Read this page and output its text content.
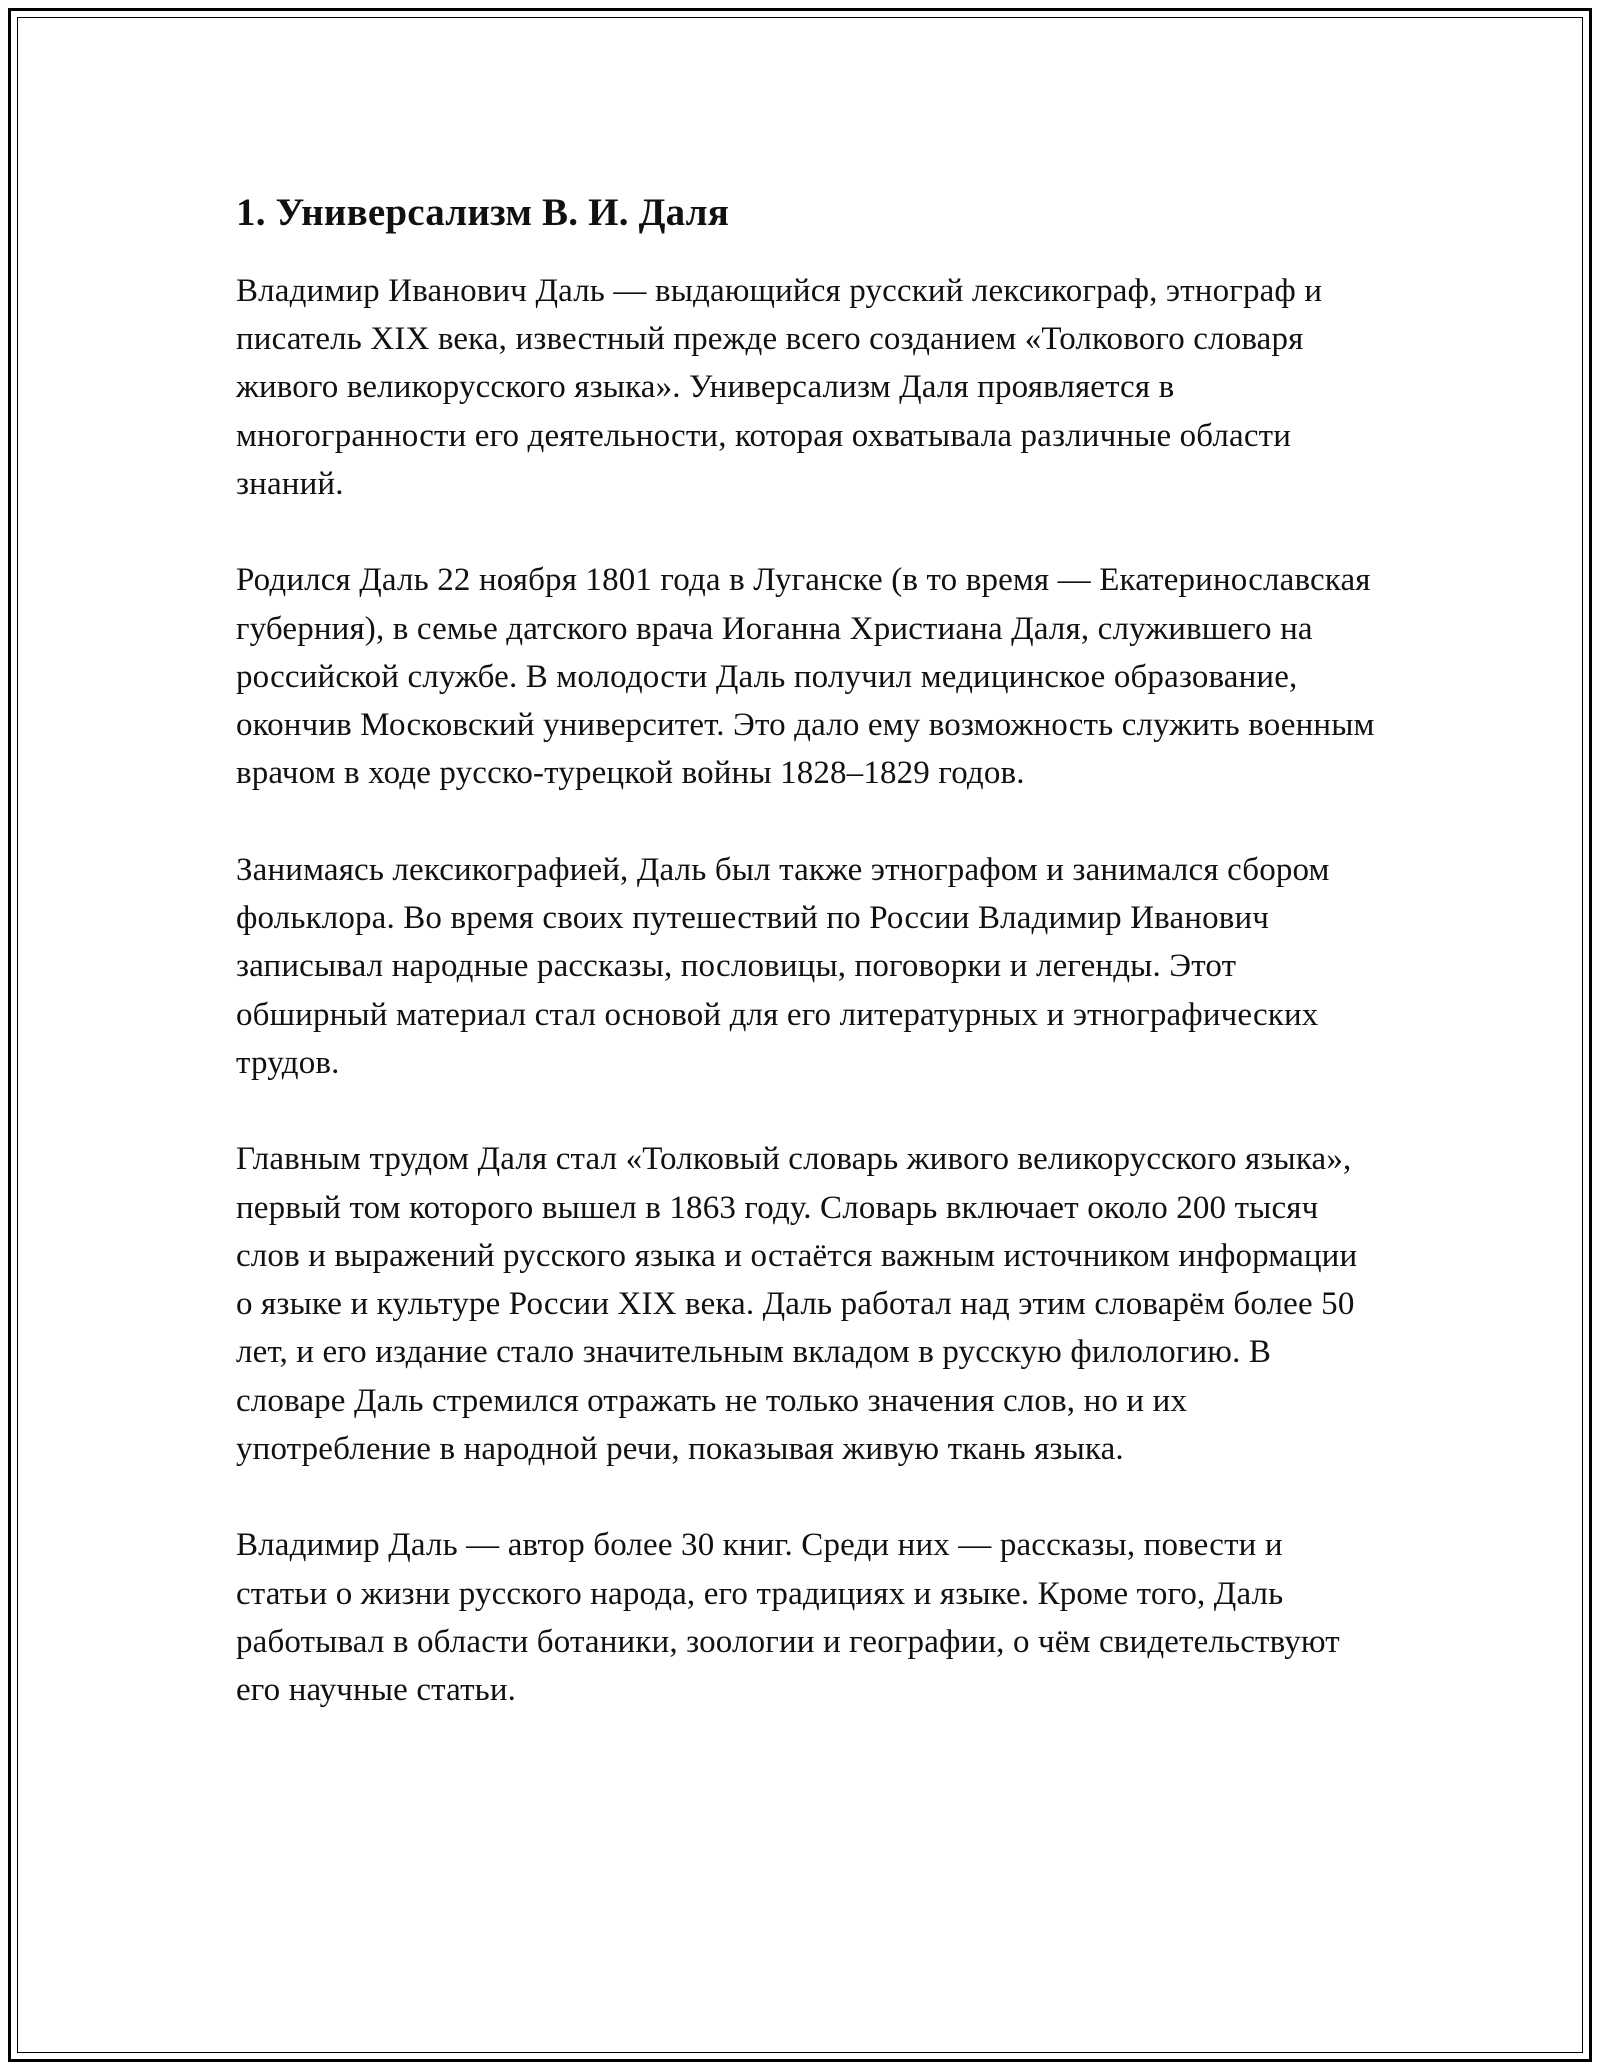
1. Универсализм В. И. Даля

Владимир Иванович Даль — выдающийся русский лексикограф, этнограф и писатель XIX века, известный прежде всего созданием «Толкового словаря живого великорусского языка». Универсализм Даля проявляется в многогранности его деятельности, которая охватывала различные области знаний.

Родился Даль 22 ноября 1801 года в Луганске (в то время — Екатеринославская губерния), в семье датского врача Иоганна Христиана Даля, служившего на российской службе. В молодости Даль получил медицинское образование, окончив Московский университет. Это дало ему возможность служить военным врачом в ходе русско-турецкой войны 1828–1829 годов.

Занимаясь лексикографией, Даль был также этнографом и занимался сбором фольклора. Во время своих путешествий по России Владимир Иванович записывал народные рассказы, пословицы, поговорки и легенды. Этот обширный материал стал основой для его литературных и этнографических трудов.

Главным трудом Даля стал «Толковый словарь живого великорусского языка», первый том которого вышел в 1863 году. Словарь включает около 200 тысяч слов и выражений русского языка и остаётся важным источником информации о языке и культуре России XIX века. Даль работал над этим словарём более 50 лет, и его издание стало значительным вкладом в русскую филологию. В словаре Даль стремился отражать не только значения слов, но и их употребление в народной речи, показывая живую ткань языка.

Владимир Даль — автор более 30 книг. Среди них — рассказы, повести и статьи о жизни русского народа, его традициях и языке. Кроме того, Даль работывал в области ботаники, зоологии и географии, о чём свидетельствуют его научные статьи.
